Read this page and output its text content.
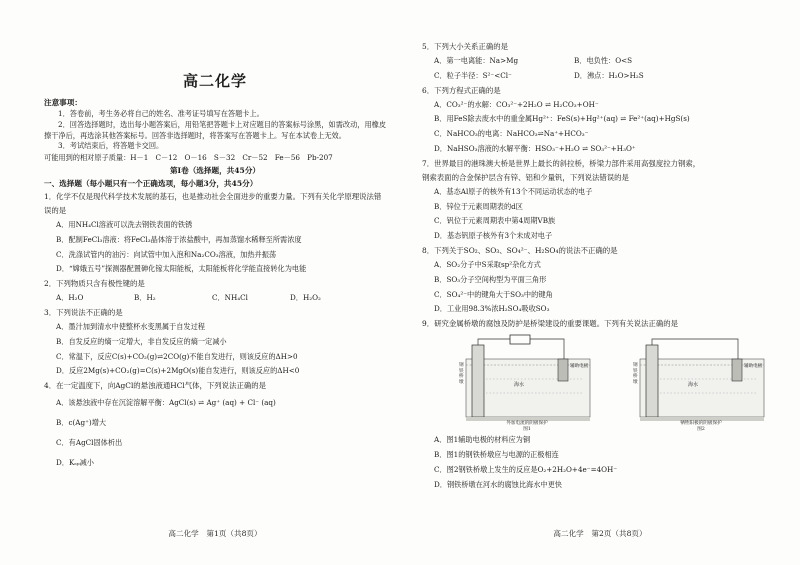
高二化学
注意事项：
1．答卷前，考生务必将自己的姓名、准考证号填写在答题卡上。
2．回答选择题时，选出每小题答案后，用铅笔把答题卡上对应题目的答案标号涂黑，如需改动，用橡皮擦干净后，再选涂其他答案标号。回答非选择题时，将答案写在答题卡上。写在本试卷上无效。
3．考试结束后，将答题卡交回。
可能用到的相对原子质量：H－1　C－12　O－16　S－32　Cr－52　Fe－56　Pb-207
第Ⅰ卷（选择题，共45分）
一、选择题（每小题只有一个正确选项，每小题3分，共45分）
1．化学不仅是现代科学技术发展的基石，也是推动社会全面进步的重要力量。下列有关化学原理说法错误的是
A．用NH₄Cl溶液可以洗去钢铁表面的铁锈
B．配制FeCl₃溶液：将FeCl₃晶体溶于浓盐酸中，再加蒸馏水稀释至所需浓度
C．洗涤试管内的油污：向试管中加入泡和Na₂CO₃溶液，加热并振荡
D．“嫦娥五号”探测器配置砷化镓太阳能板，太阳能板将化学能直接转化为电能
2．下列物质只含有极性键的是
A．H₂O	B．H₂	C．NH₄Cl	D．H₂O₂
3．下列说法不正确的是
A．墨汁加到清水中使整杯水变黑属于自发过程
B．自发反应的熵一定增大，非自发反应的熵一定减小
C．常温下，反应C(s)+CO₂(g)⇌2CO(g)不能自发进行，则该反应的ΔH>0
D．反应2Mg(s)+CO₂(g)=C(s)+2MgO(s)能自发进行，则该反应的ΔH<0
4．在一定温度下，向AgCl的悬浊液通HCl气体，下列说法正确的是
A．该悬浊液中存在沉淀溶解平衡：AgCl(s) ⇌ Ag⁺ (aq) + Cl⁻ (aq)
B．c(Ag⁺)增大
C．有AgCl固体析出
D．Kₛₚ减小
高二化学　第1页（共8页）
5．下列大小关系正确的是
A．第一电离能：Na>Mg	B．电负性：O<S
C．粒子半径：S²⁻<Cl⁻	D．沸点：H₂O>H₂S
6．下列方程式正确的是
A．CO₃²⁻的水解：CO₃²⁻+2H₂O ⇌ H₂CO₃+OH⁻
B．用FeS除去废水中的重金属Hg²⁺：FeS(s)+Hg²⁺(aq) ⇌ Fe²⁺(aq)+HgS(s)
C．NaHCO₃的电离：NaHCO₃⇌Na⁺+HCO₃⁻
D．NaHSO₃溶液的水解平衡：HSO₃⁻+H₂O ⇌ SO₃²⁻+H₃O⁺
7．世界最目的港珠澳大桥是世界上最长的斜拉桥，桥梁力部件采用高强度拉力钢索，
钢索表面的合金保护层含有锌、铝和少量钒，下列说法错误的是
A．基态Al原子的核外有13个不同运动状态的电子
B．锌位于元素周期表的d区
C．钒位于元素周期表中第4周期VB族
D．基态钒原子核外有3个未成对电子
8．下列关于SO₂、SO₃、SO₄²⁻、H₂SO₄的说法不正确的是
A．SO₂分子中S采取sp²杂化方式
B．SO₃分子空间构型为平面三角形
C．SO₄²⁻中的键角大于SO₃中的键角
D．工业用98.3%浓H₂SO₄吸收SO₃
9．研究金属桥墩的腐蚀及防护是桥梁建设的重要课题。下列有关说法正确的是
钢铁桥墩	海水
辅助电极
外加电流的阴极保护
图1
钢铁桥墩	海水
辅助电极
牺牲阳极的阴极保护
图2
A．图1辅助电极的材料应为铜
B．图1的钢铁桥墩应与电源的正极相连
C．图2钢铁桥墩上发生的反应是O₂+2H₂O+4e⁻=4OH⁻
D．钢铁桥墩在河水的腐蚀比海水中更快
高二化学　第2页（共8页）
